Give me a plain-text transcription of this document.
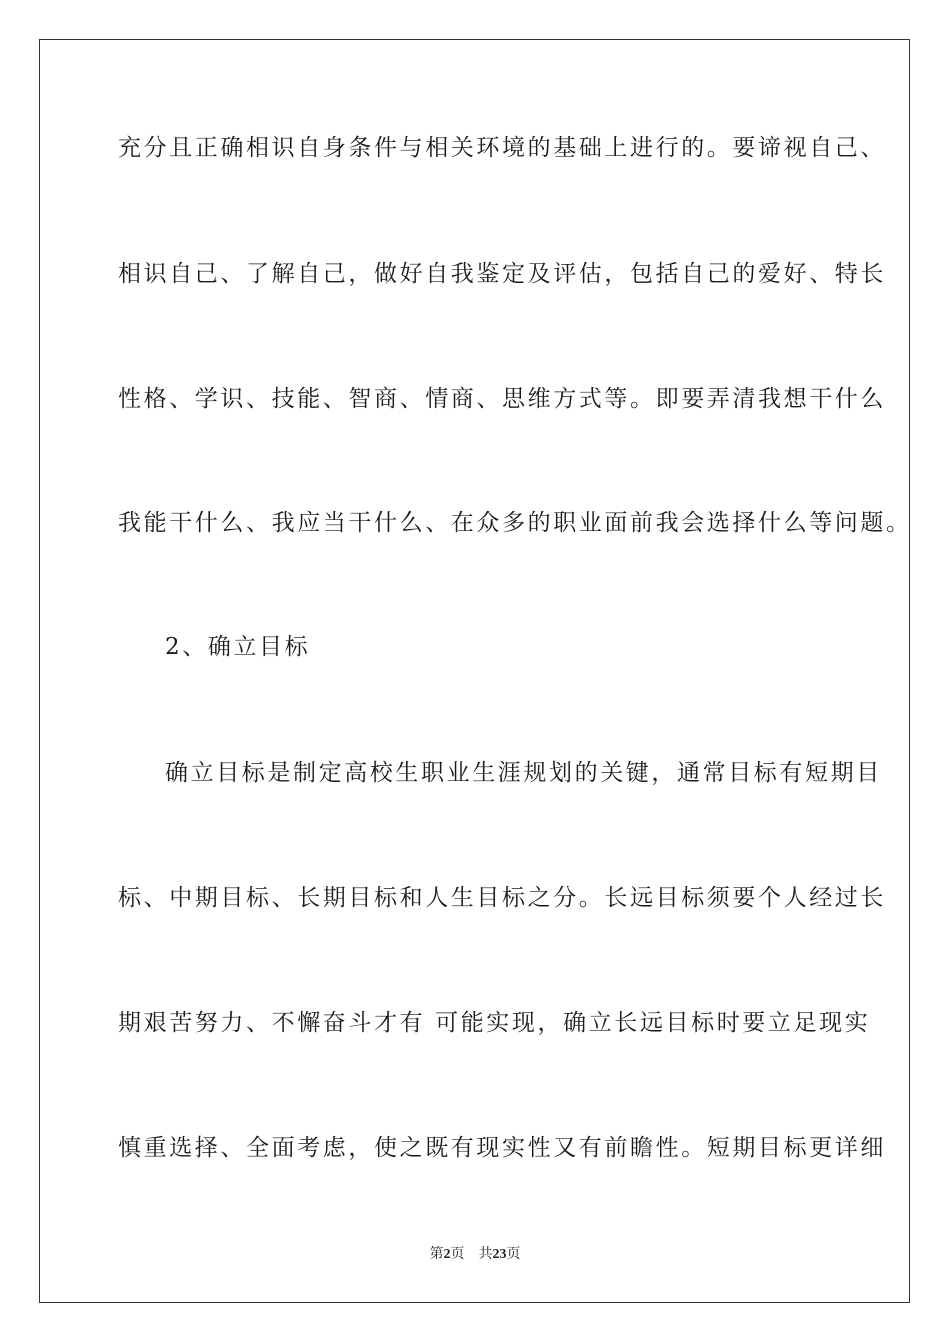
充分且正确相识自身条件与相关环境的基础上进行的。要谛视自己、
相识自己、了解自己，做好自我鉴定及评估，包括自己的爱好、特长
性格、学识、技能、智商、情商、思维方式等。即要弄清我想干什么
我能干什么、我应当干什么、在众多的职业面前我会选择什么等问题。
2、确立目标
确立目标是制定高校生职业生涯规划的关键，通常目标有短期目
标、中期目标、长期目标和人生目标之分。长远目标须要个人经过长
期艰苦努力、不懈奋斗才有 可能实现，确立长远目标时要立足现实
慎重选择、全面考虑，使之既有现实性又有前瞻性。短期目标更详细
第2页 共23页
